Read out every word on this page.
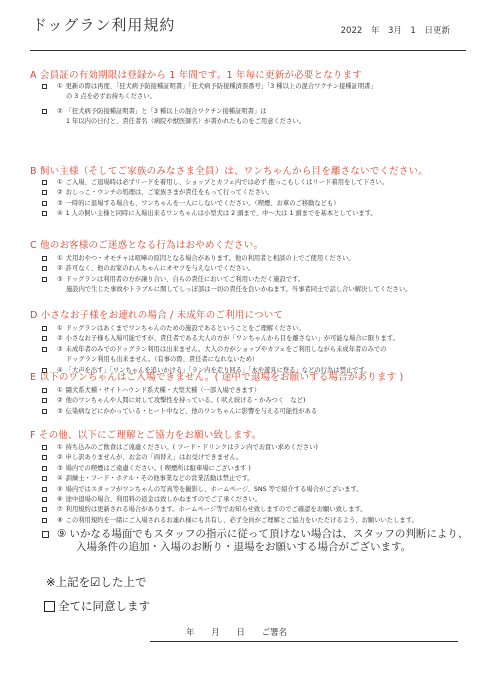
ドッグラン利用規約	2022 年　3月　1 日更新
A 会員証の有効期限は登録から 1 年間です。1 年毎に更新が必要となります
① 更新の際は再度、「狂犬病予防接種証明書」「狂犬病予防接種済票番号」「3 種以上の混合ワクチン接種証明書」
の 3 点を必ずお持ちください。
② 「狂犬病予防接種証明書」と「3 種以上の混合ワクチン接種証明書」は
1 年以内の日付と、責任者名（病院や獣医師名）が書かれたものをご用意ください。
B 飼い主様（そしてご家族のみなさま全員）は、ワンちゃんから目を離さないでください。
① ご入場、ご退場時は必ずリードを着用し、ショップとカフェ内では必ず 抱っこもしくはリード着用をして下さい。
② おしっこ・ウンチの処理は、ご家族さまが責任をもって行ってください。
③ 一時的に退場する場合も、ワンちゃんを一人にしないでください。（喫煙、お車のご移動なども）
④ 1 人の飼い主様と同時に入場出来るワンちゃんは小型犬は 2 頭まで、中～大は 1 頭までを基本としています。
C 他のお客様のご迷惑となる行為はおやめください。
① 犬用おやつ・オモチャは喧嘩の原因となる場合があります。他の利用者と相談の上でご使用ください。
② 許可なく、他のお家のわんちゃんにオヤツを与えないでください。
③ ドッグランは利用者の方が譲り合い、自らの責任においてご利用いただく施設です。
施設内で生じた事故やトラブルに関してしっぽ部は一切の責任を負いかねます。当事者同士で話し合い解決してください。
D 小さなお子様をお連れの場合 / 未成年のご利用について
① ドッグランはあくまでワンちゃんのための施設であるということをご理解ください。
② 小さなお子様も入場可能ですが、責任者である大人の方が「ワンちゃんから目を離さない」が可能な場合に限ります。
③ 未成年者のみでのドッグラン利用は出来ません。大人の方がショップやカフェをご利用しながら未成年者のみでの
ドッグラン利用も出来ません。（有事の際、責任者になれないため）
④ 「大声を出す」「ワンちゃんを追いかける」「ラン内を走り回る」「木や遊具に登る」などの行為は禁止です。
E 以下のワンちゃんはご入場できません。( 途中で退場をお願いする場合があります )
① 闘犬系犬種・サイトハウンド系犬種・大型犬種（一部入場できます）
② 他のワンちゃんや人間に対して攻撃性を持っている。( 吠え続ける・かみつく　など)
③ 伝染病などにかかっている・ヒート中など、他のワンちゃんに影響を与える可能性がある
F その他、以下にご理解とご協力をお願い致します。
① 持ち込みのご飲食はご遠慮ください。( フード・ドリンクはラン内でお買い求めください)
② 申し訳ありませんが、お金の「両替え」はお受けできません。
③ 場内での喫煙はご遠慮ください。( 喫煙所は駐車場にございます )
④ 訓練士・フード・ホテル・その他事業などの営業活動は禁止です。
⑤ 場内ではスタッフがワンちゃんの写真等を撮影し、ホームページ、SNS 等で紹介する場合がございます。
⑥ 途中退場の場合、利用料の返金は致しかねますのでご了承ください。
⑦ 利用規約は更新される場合があります。ホームページ等でお知らせ致しますのでご確認をお願い致します。
⑧ この利用規約を一緒にご入場されるお連れ様にも共有し、必ず全員がご理解とご協力をいただけるよう、お願いいたします。
⑨ いかなる場面でもスタッフの指示に従って頂けない場合は、スタッフの判断により、
入場条件の追加・入場のお断り・退場をお願いする場合がございます。
※上記を☑した上で
全てに同意します
年 月 日 ご署名
